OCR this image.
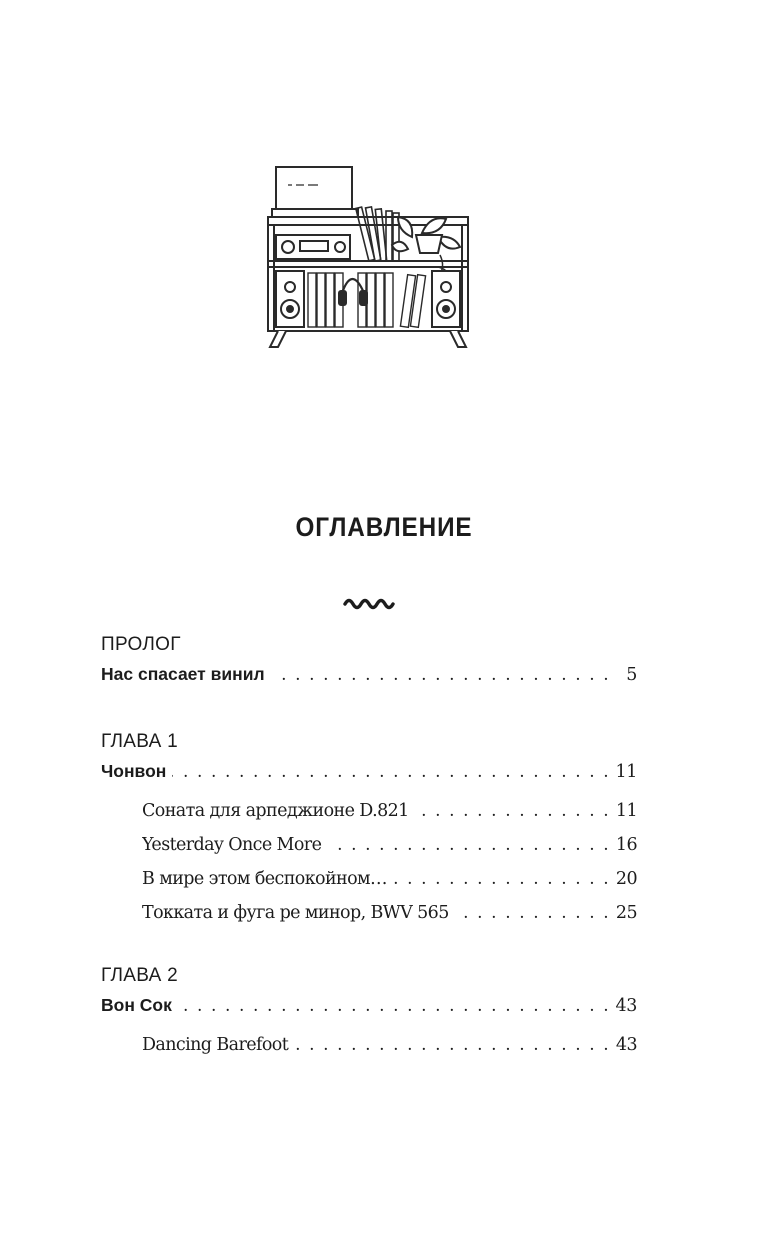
ОГЛАВЛЕНИЕ
ПРОЛОГ
Нас спасает винил . . .	5
ГЛАВА 1
Чонвон . . .	11
Соната для арпеджионе D.821 . . .	11
Yesterday Once More . . .	16
В мире этом беспокойном… . . .	20
Токката и фуга ре минор, BWV 565 . . .	25
ГЛАВА 2
Вон Сок . . .	43
Dancing Barefoot . . .	43
